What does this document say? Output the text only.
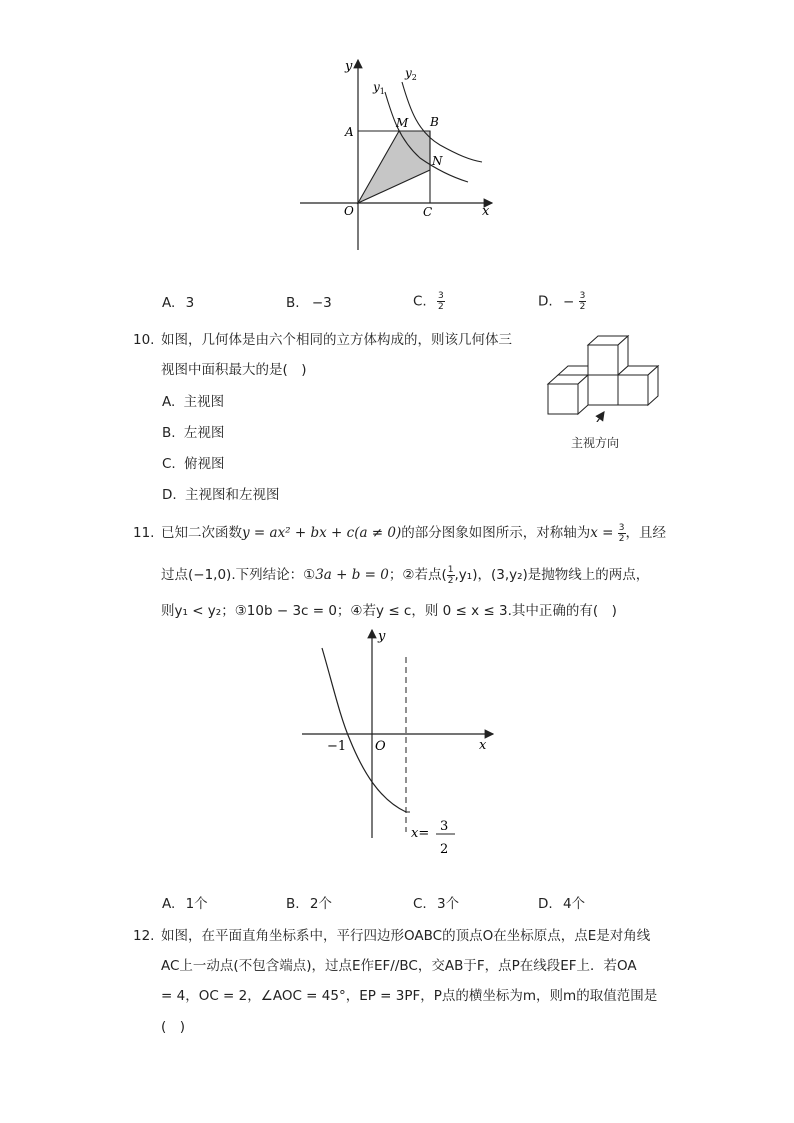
y
x
$y_1$
$y_2$
A
M B
N
O	C
A. 3	B. −3	C. $\frac{3}{2}$	D. − $\frac{3}{2}$
10. 如图，几何体是由六个相同的立方体构成的，则该几何体三
视图中面积最大的是(　)
A. 主视图
B. 左视图
C. 俯视图
D. 主视图和左视图
主视方向
11. 已知二次函数y = ax² + bx + c(a ≠ 0)的部分图象如图所示，对称轴为$x = \frac{3}{2}$ ，且经
过点(−1,0).下列结论：①3a + b = 0；②若点( $\frac{1}{2} ,y_1$)，(3,y₂)是抛物线上的两点，
则y₁ < y₂；③10b − 3c = 0；④若y ≤ c，则 0 ≤ x ≤ 3.其中正确的有(　)
y
x
−1 O
x= 3
2
A. 1个	B. 2个	C. 3个	D. 4个
12. 如图，在平面直角坐标系中，平行四边形OABC的顶点O在坐标原点，点E是对角线
AC上一动点(不包含端点)，过点E作EF//BC，交AB于F，点P在线段EF上．若OA
= 4，OC = 2，∠AOC = 45°，EP = 3PF，P点的横坐标为m，则m的取值范围是
(　)
